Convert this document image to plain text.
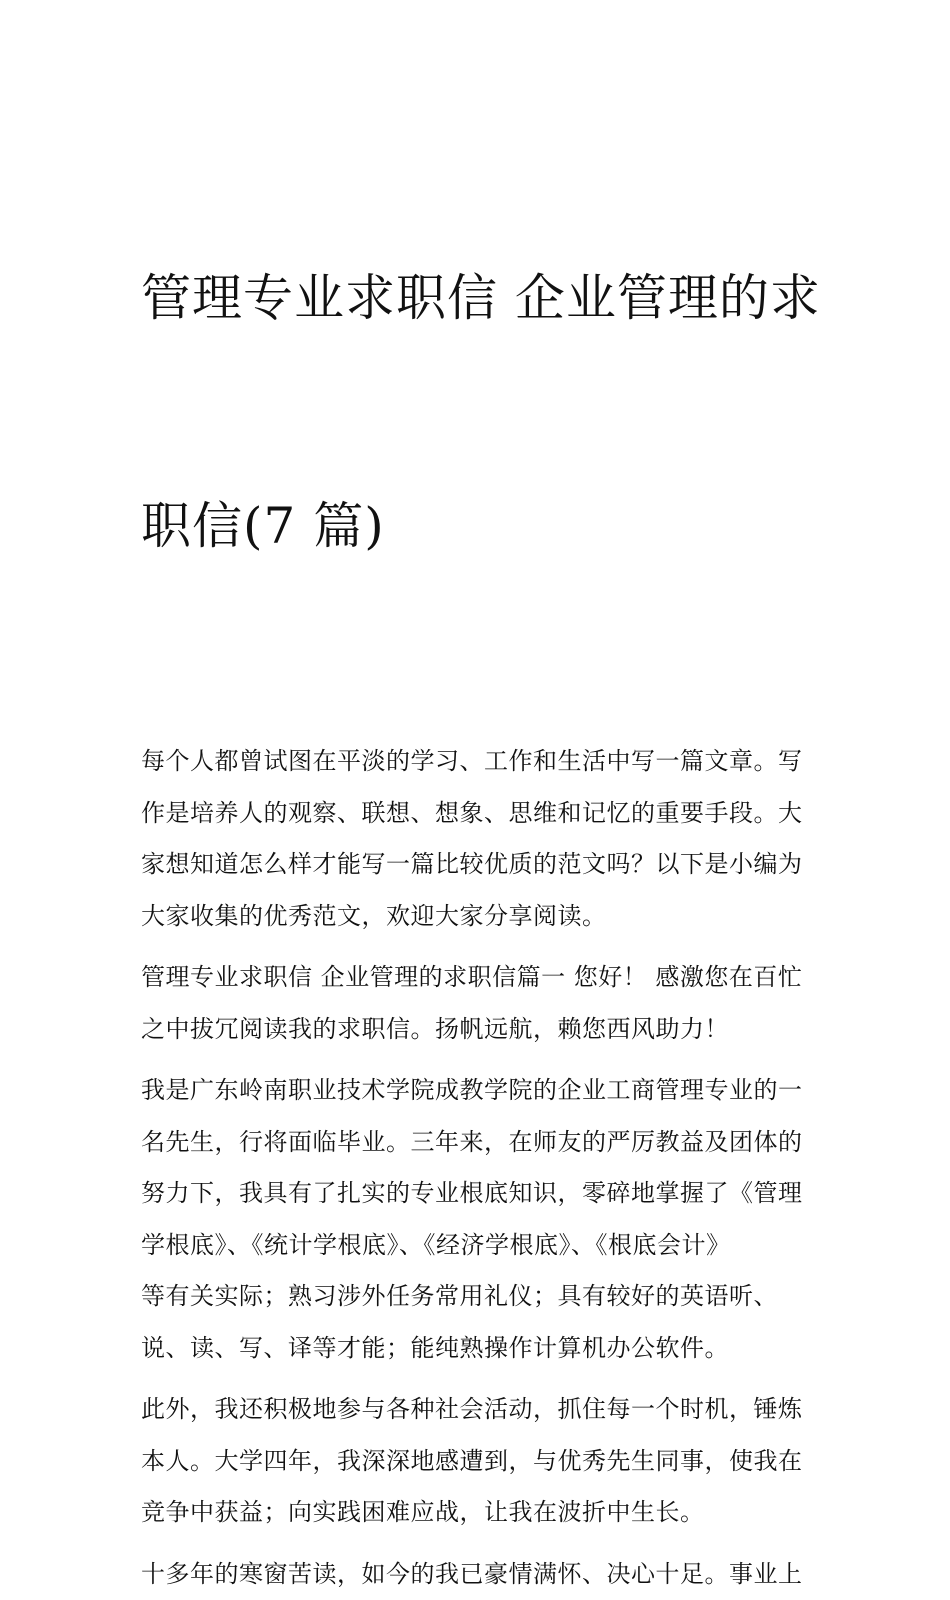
管理专业求职信 企业管理的求

职信(7 篇)

每个人都曾试图在平淡的学习、工作和生活中写一篇文章。写
作是培养人的观察、联想、想象、思维和记忆的重要手段。大
家想知道怎么样才能写一篇比较优质的范文吗？以下是小编为
大家收集的优秀范文，欢迎大家分享阅读。
管理专业求职信 企业管理的求职信篇一 您好！ 感激您在百忙
之中拔冗阅读我的求职信。扬帆远航，赖您西风助力！
我是广东岭南职业技术学院成教学院的企业工商管理专业的一
名先生，行将面临毕业。三年来，在师友的严厉教益及团体的
努力下，我具有了扎实的专业根底知识，零碎地掌握了《管理
学根底》、《统计学根底》、《经济学根底》、《根底会计》
等有关实际；熟习涉外任务常用礼仪；具有较好的英语听、
说、读、写、译等才能；能纯熟操作计算机办公软件。
此外，我还积极地参与各种社会活动，抓住每一个时机，锤炼
本人。大学四年，我深深地感遭到，与优秀先生同事，使我在
竞争中获益；向实践困难应战，让我在波折中生长。
十多年的寒窗苦读，如今的我已豪情满怀、决心十足。事业上
